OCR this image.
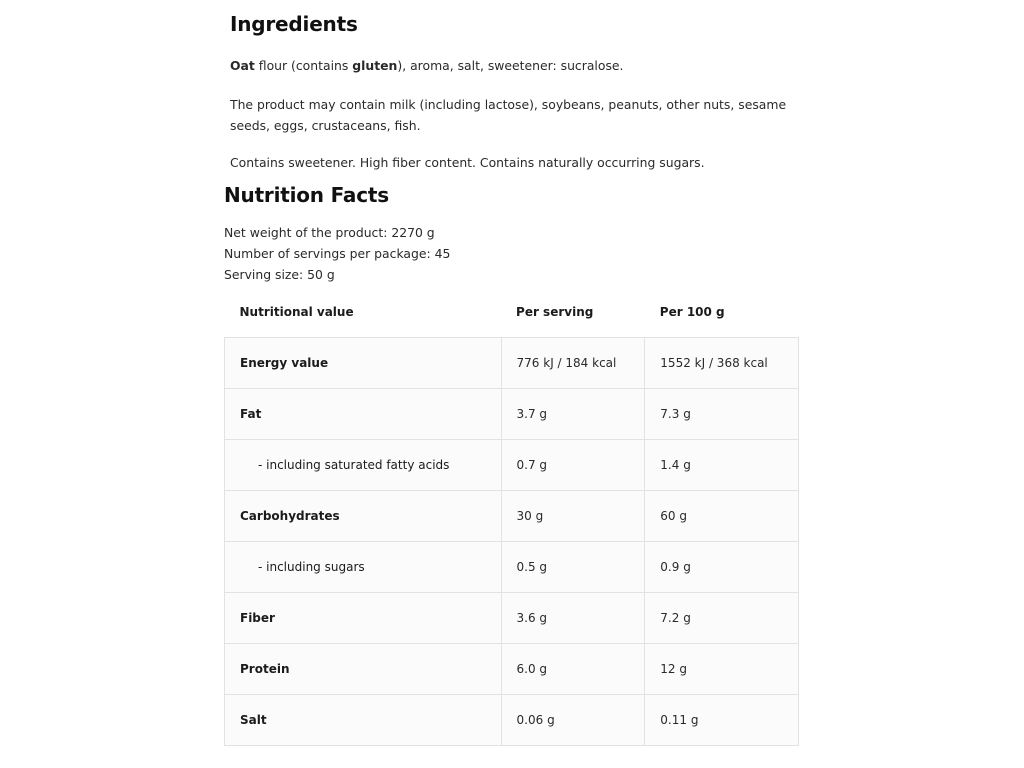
Ingredients

Oat flour (contains gluten), aroma, salt, sweetener: sucralose.

The product may contain milk (including lactose), soybeans, peanuts, other nuts, sesame seeds, eggs, crustaceans, fish.

Contains sweetener. High fiber content. Contains naturally occurring sugars.

Nutrition Facts

Net weight of the product: 2270 g

Number of servings per package: 45

Serving size: 50 g

Nutritional value	Per serving	Per 100 g
Energy value	776 kJ / 184 kcal	1552 kJ / 368 kcal
Fat	3.7 g	7.3 g
- including saturated fatty acids	0.7 g	1.4 g
Carbohydrates	30 g	60 g
- including sugars	0.5 g	0.9 g
Fiber	3.6 g	7.2 g
Protein	6.0 g	12 g
Salt	0.06 g	0.11 g
